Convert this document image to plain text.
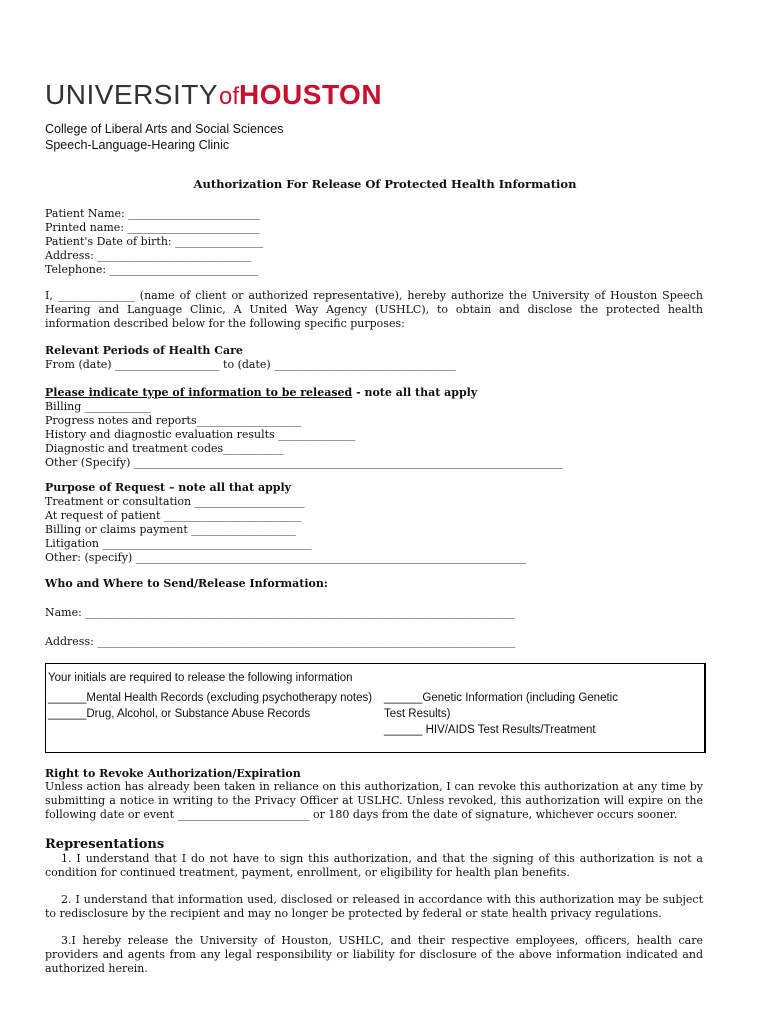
UNIVERSITY of HOUSTON
College of Liberal Arts and Social Sciences
Speech-Language-Hearing Clinic
Authorization For Release Of Protected Health Information
Patient Name: ________________________
Printed name: ________________________
Patient's Date of birth: ________________
Address: ____________________________
Telephone: ___________________________
I, ______________ (name of client or authorized representative), hereby authorize the University of Houston Speech Hearing and Language Clinic, A United Way Agency (USHLC), to obtain and disclose the protected health information described below for the following specific purposes:
Relevant Periods of Health Care
From (date) ___________________ to (date) _________________________________
Please indicate type of information to be released - note all that apply
Billing ____________
Progress notes and reports___________________
History and diagnostic evaluation results ______________
Diagnostic and treatment codes___________
Other (Specify) ______________________________________________________________________________
Purpose of Request – note all that apply
Treatment or consultation ____________________
At request of patient _________________________
Billing or claims payment ___________________
Litigation ______________________________________
Other: (specify) _______________________________________________________________________
Who and Where to Send/Release Information:
Name: ______________________________________________________________________________
Address: ____________________________________________________________________________
Your initials are required to release the following information
______Mental Health Records (excluding psychotherapy notes)
______Drug, Alcohol, or Substance Abuse Records
______Genetic Information (including Genetic
Test Results)
______ HIV/AIDS Test Results/Treatment
Right to Revoke Authorization/Expiration
Unless action has already been taken in reliance on this authorization, I can revoke this authorization at any time by submitting a notice in writing to the Privacy Officer at USLHC. Unless revoked, this authorization will expire on the following date or event ________________________ or 180 days from the date of signature, whichever occurs sooner.
Representations
1. I understand that I do not have to sign this authorization, and that the signing of this authorization is not a condition for continued treatment, payment, enrollment, or eligibility for health plan benefits.
2. I understand that information used, disclosed or released in accordance with this authorization may be subject to redisclosure by the recipient and may no longer be protected by federal or state health privacy regulations.
3.I hereby release the University of Houston, USHLC, and their respective employees, officers, health care providers and agents from any legal responsibility or liability for disclosure of the above information indicated and authorized herein.
